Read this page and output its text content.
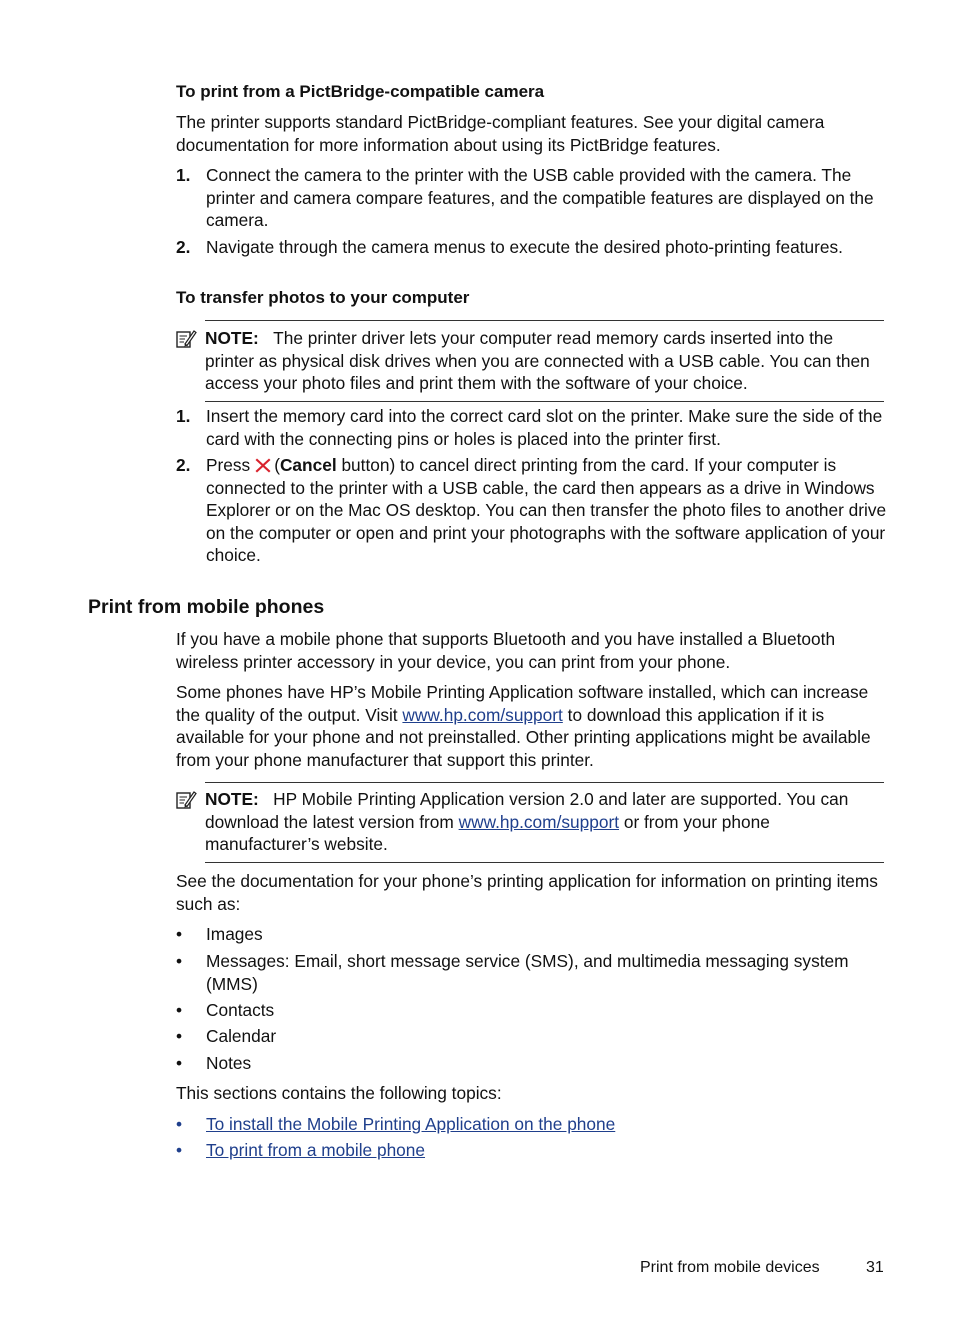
To print from a PictBridge-compatible camera
The printer supports standard PictBridge-compliant features. See your digital camera documentation for more information about using its PictBridge features.
1. Connect the camera to the printer with the USB cable provided with the camera. The printer and camera compare features, and the compatible features are displayed on the camera.
2. Navigate through the camera menus to execute the desired photo-printing features.
To transfer photos to your computer
NOTE: The printer driver lets your computer read memory cards inserted into the printer as physical disk drives when you are connected with a USB cable. You can then access your photo files and print them with the software of your choice.
1. Insert the memory card into the correct card slot on the printer. Make sure the side of the card with the connecting pins or holes is placed into the printer first.
2. Press (Cancel button) to cancel direct printing from the card. If your computer is connected to the printer with a USB cable, the card then appears as a drive in Windows Explorer or on the Mac OS desktop. You can then transfer the photo files to another drive on the computer or open and print your photographs with the software application of your choice.
Print from mobile phones
If you have a mobile phone that supports Bluetooth and you have installed a Bluetooth wireless printer accessory in your device, you can print from your phone.
Some phones have HP’s Mobile Printing Application software installed, which can increase the quality of the output. Visit www.hp.com/support to download this application if it is available for your phone and not preinstalled. Other printing applications might be available from your phone manufacturer that support this printer.
NOTE: HP Mobile Printing Application version 2.0 and later are supported. You can download the latest version from www.hp.com/support or from your phone manufacturer’s website.
See the documentation for your phone’s printing application for information on printing items such as:
• Images
• Messages: Email, short message service (SMS), and multimedia messaging system (MMS)
• Contacts
• Calendar
• Notes
This sections contains the following topics:
• To install the Mobile Printing Application on the phone
• To print from a mobile phone
Print from mobile devices	31
